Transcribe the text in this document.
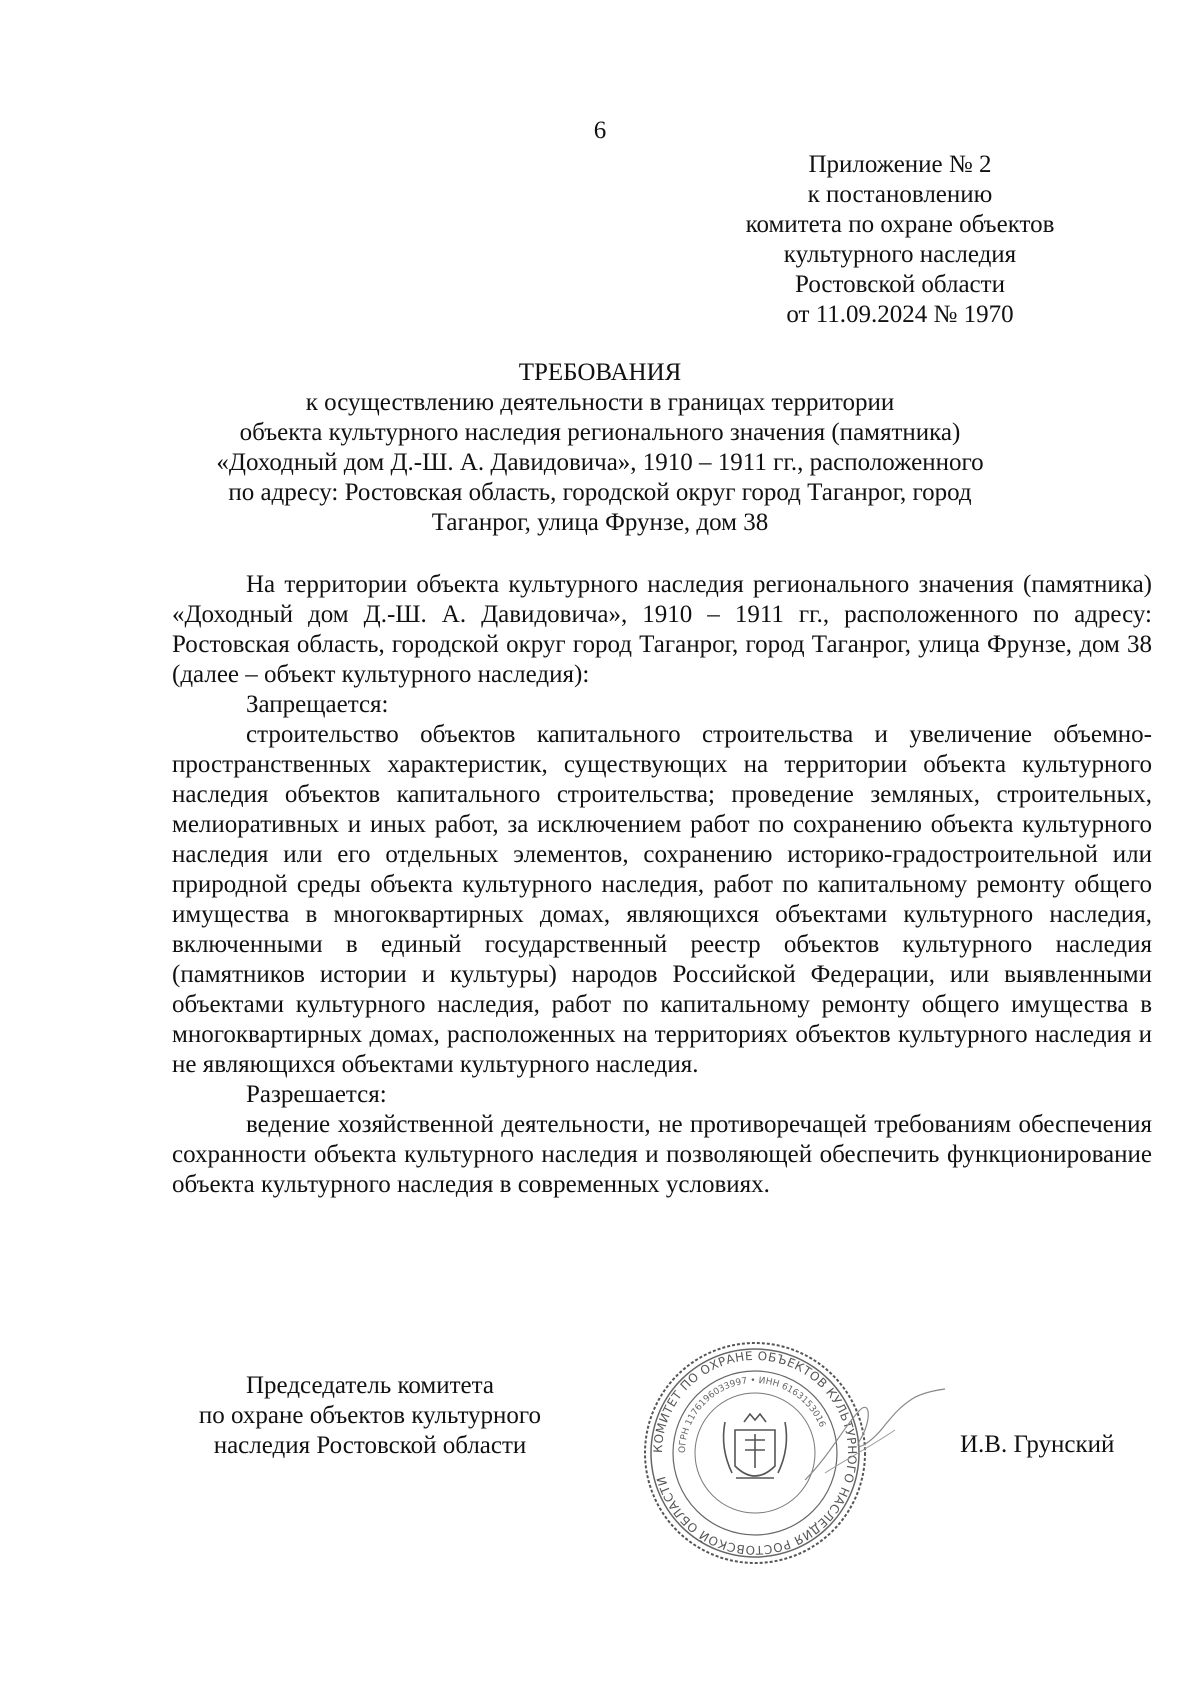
6
Приложение № 2
к постановлению
комитета по охране объектов
культурного наследия
Ростовской области
от 11.09.2024 № 1970
ТРЕБОВАНИЯ
к осуществлению деятельности в границах территории
объекта культурного наследия регионального значения (памятника)
«Доходный дом Д.-Ш. А. Давидовича», 1910 – 1911 гг., расположенного
по адресу: Ростовская область, городской округ город Таганрог, город
Таганрог, улица Фрунзе, дом 38

На территории объекта культурного наследия регионального значения (памятника) «Доходный дом Д.-Ш. А. Давидовича», 1910 – 1911 гг., расположенного по адресу: Ростовская область, городской округ город Таганрог, город Таганрог, улица Фрунзе, дом 38 (далее – объект культурного наследия):

Запрещается:

строительство объектов капитального строительства и увеличение объемно-пространственных характеристик, существующих на территории объекта культурного наследия объектов капитального строительства; проведение земляных, строительных, мелиоративных и иных работ, за исключением работ по сохранению объекта культурного наследия или его отдельных элементов, сохранению историко-градостроительной или природной среды объекта культурного наследия, работ по капитальному ремонту общего имущества в многоквартирных домах, являющихся объектами культурного наследия, включенными в единый государственный реестр объектов культурного наследия (памятников истории и культуры) народов Российской Федерации, или выявленными объектами культурного наследия, работ по капитальному ремонту общего имущества в многоквартирных домах, расположенных на территориях объектов культурного наследия и не являющихся объектами культурного наследия.

Разрешается:

ведение хозяйственной деятельности, не противоречащей требованиям обеспечения сохранности объекта культурного наследия и позволяющей обеспечить функционирование объекта культурного наследия в современных условиях.

Председатель комитета
по охране объектов культурного
наследия Ростовской области	КОМИТЕТ ПО ОХРАНЕ ОБЪЕКТОВ КУЛЬТУРНОГО НАСЛЕДИЯ РОСТОВСКОЙ ОБЛАСТИ
ОГРН 1176196033997 • ИНН 6163153016
И.В. Грунский
